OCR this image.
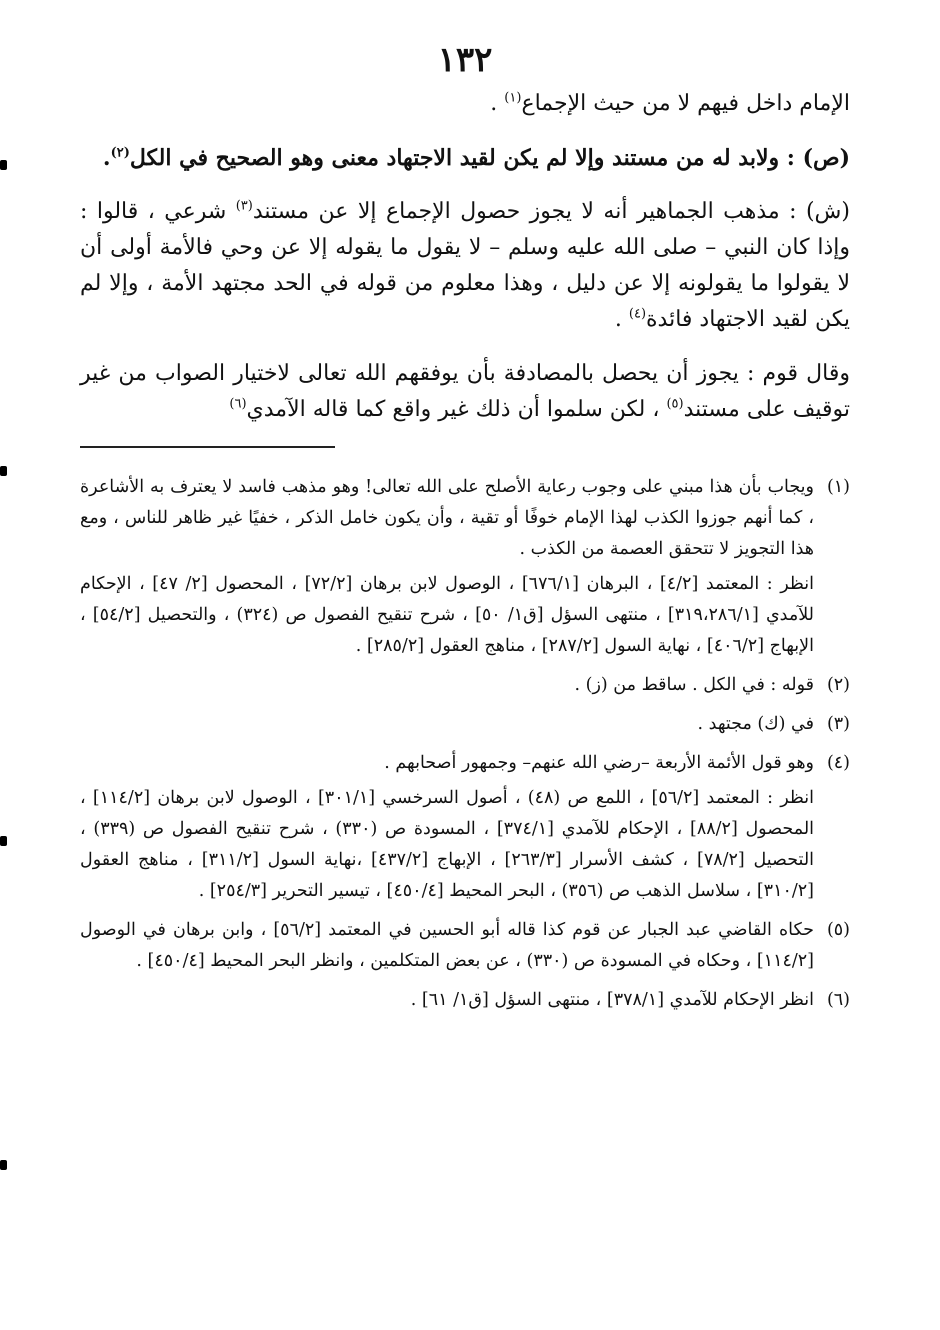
١٣٢

الإمام داخل فيهم لا من حيث الإجماع$^{(١)}$ .

(ص) : ولابد له من مستند وإلا لم يكن لقيد الاجتهاد معنى وهو الصحيح في الكل$^{(٢)}$.

(ش) : مذهب الجماهير أنه لا يجوز حصول الإجماع إلا عن مستند$^{(٣)}$ شرعي ، قالوا : وإذا كان النبي – صلى الله عليه وسلم – لا يقول ما يقوله إلا عن وحي فالأمة أولى أن لا يقولوا ما يقولونه إلا عن دليل ، وهذا معلوم من قوله في الحد مجتهد الأمة ، وإلا لم يكن لقيد الاجتهاد فائدة$^{(٤)}$ .

وقال قوم : يجوز أن يحصل بالمصادفة بأن يوفقهم الله تعالى لاختيار الصواب من غير توقيف على مستند$^{(٥)}$ ، لكن سلموا أن ذلك غير واقع كما قاله الآمدي$^{(٦)}$

(١)
ويجاب بأن هذا مبني على وجوب رعاية الأصلح على الله تعالى! وهو مذهب فاسد لا يعترف به الأشاعرة ، كما أنهم جوزوا الكذب لهذا الإمام خوفًا أو تقية ، وأن يكون خامل الذكر ، خفيًا غير ظاهر للناس ، ومع هذا التجويز لا تتحقق العصمة من الكذب .
انظر : المعتمد [٤/٢] ، البرهان [٦٧٦/١] ، الوصول لابن برهان [٧٢/٢] ، المحصول [٢/ ٤٧] ، الإحكام للآمدي [٣١٩،٢٨٦/١] ، منتهى السؤل [ق١/ ٥٠] ، شرح تنقيح الفصول ص (٣٢٤) ، والتحصيل [٥٤/٢] ، الإبهاج [٤٠٦/٢] ، نهاية السول [٢٨٧/٢] ، مناهج العقول [٢٨٥/٢] .
(٢)
قوله : في الكل . ساقط من (ز) .
(٣)
في (ك) مجتهد .
(٤)
وهو قول الأئمة الأربعة –رضي الله عنهم– وجمهور أصحابهم .
انظر : المعتمد [٥٦/٢] ، اللمع ص (٤٨) ، أصول السرخسي [٣٠١/١] ، الوصول لابن برهان [١١٤/٢] ، المحصول [٨٨/٢] ، الإحكام للآمدي [٣٧٤/١] ، المسودة ص (٣٣٠) ، شرح تنقيح الفصول ص (٣٣٩) ، التحصيل [٧٨/٢] ، كشف الأسرار [٢٦٣/٣] ، الإبهاج [٤٣٧/٢] ،نهاية السول [٣١١/٢] ، مناهج العقول [٣١٠/٢] ، سلاسل الذهب ص (٣٥٦) ، البحر المحيط [٤٥٠/٤] ، تيسير التحرير [٢٥٤/٣] .
(٥)
حكاه القاضي عبد الجبار عن قوم كذا قاله أبو الحسين في المعتمد [٥٦/٢] ، وابن برهان في الوصول [١١٤/٢] ، وحكاه في المسودة ص (٣٣٠) ، عن بعض المتكلمين ، وانظر البحر المحيط [٤٥٠/٤] .
(٦)
انظر الإحكام للآمدي [٣٧٨/١] ، منتهى السؤل [ق١/ ٦١] .
